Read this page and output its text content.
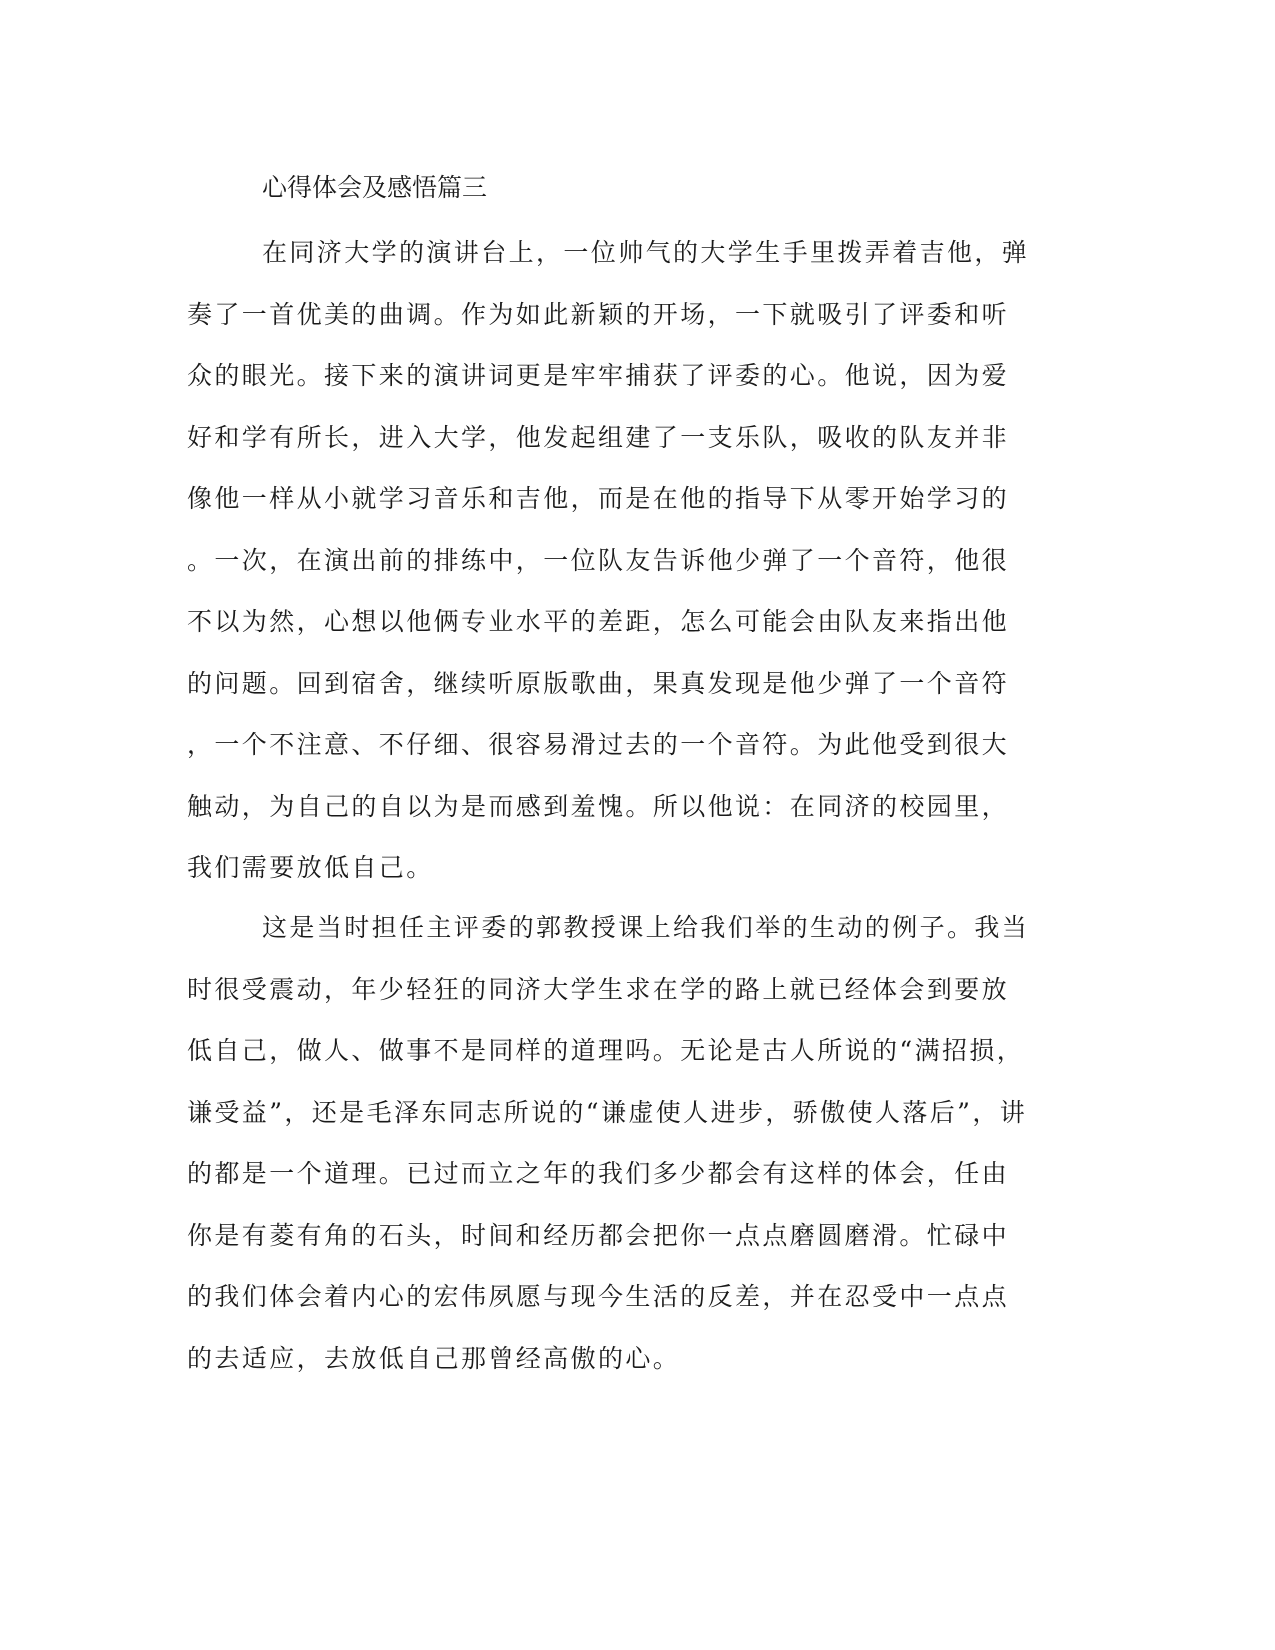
心得体会及感悟篇三

在同济大学的演讲台上，一位帅气的大学生手里拨弄着吉他，弹
奏了一首优美的曲调。作为如此新颖的开场，一下就吸引了评委和听
众的眼光。接下来的演讲词更是牢牢捕获了评委的心。他说，因为爱
好和学有所长，进入大学，他发起组建了一支乐队，吸收的队友并非
像他一样从小就学习音乐和吉他，而是在他的指导下从零开始学习的
。一次，在演出前的排练中，一位队友告诉他少弹了一个音符，他很
不以为然，心想以他俩专业水平的差距，怎么可能会由队友来指出他
的问题。回到宿舍，继续听原版歌曲，果真发现是他少弹了一个音符
，一个不注意、不仔细、很容易滑过去的一个音符。为此他受到很大
触动，为自己的自以为是而感到羞愧。所以他说：在同济的校园里，
我们需要放低自己。

这是当时担任主评委的郭教授课上给我们举的生动的例子。我当
时很受震动，年少轻狂的同济大学生求在学的路上就已经体会到要放
低自己，做人、做事不是同样的道理吗。无论是古人所说的“满招损，
谦受益”，还是毛泽东同志所说的“谦虚使人进步，骄傲使人落后”，讲
的都是一个道理。已过而立之年的我们多少都会有这样的体会，任由
你是有菱有角的石头，时间和经历都会把你一点点磨圆磨滑。忙碌中
的我们体会着内心的宏伟夙愿与现今生活的反差，并在忍受中一点点
的去适应，去放低自己那曾经高傲的心。
